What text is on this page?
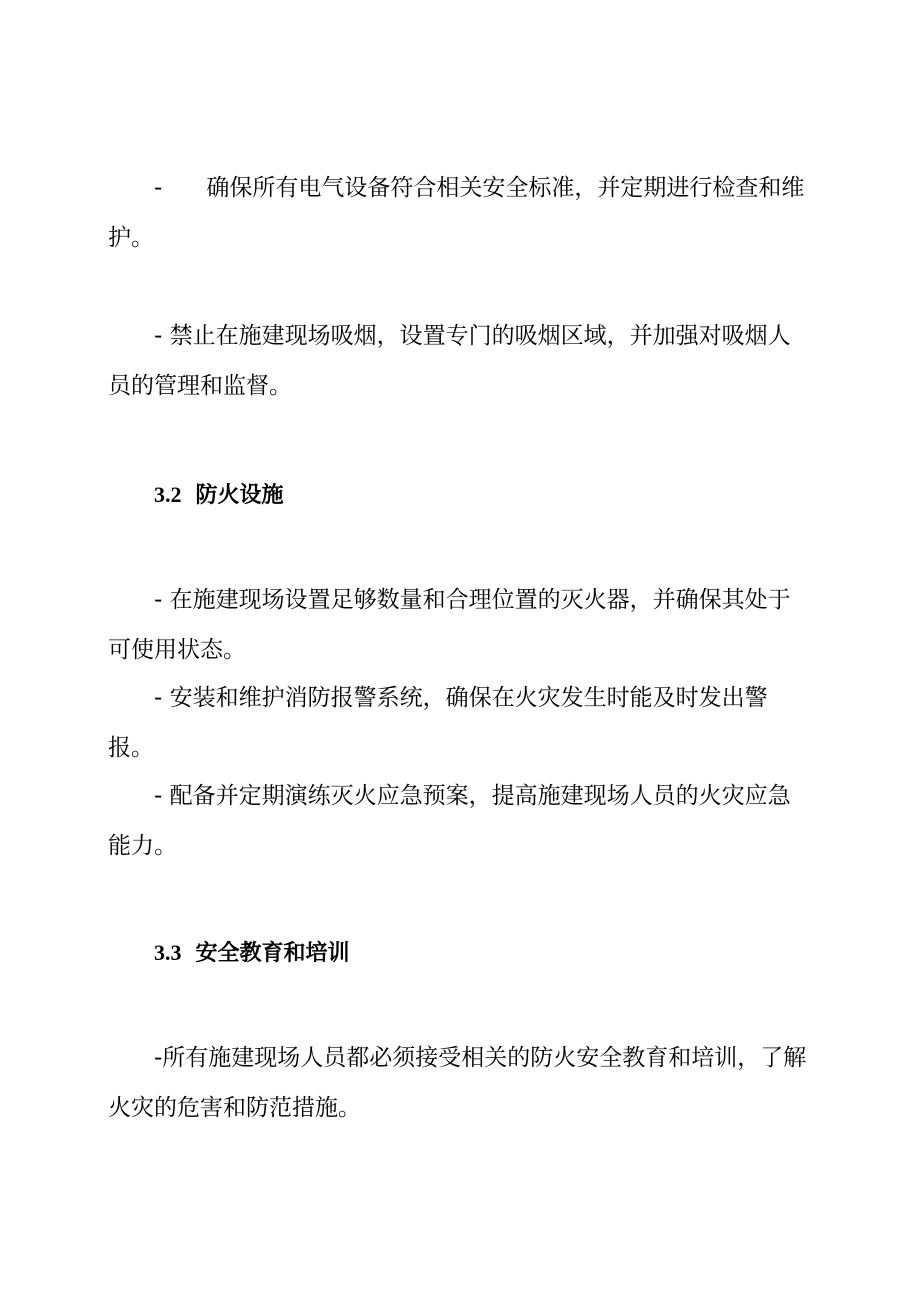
- 确保所有电气设备符合相关安全标准，并定期进行检查和维护。

- 禁止在施建现场吸烟，设置专门的吸烟区域，并加强对吸烟人员的管理和监督。

3.2 防火设施

- 在施建现场设置足够数量和合理位置的灭火器，并确保其处于可使用状态。

- 安装和维护消防报警系统，确保在火灾发生时能及时发出警报。

- 配备并定期演练灭火应急预案，提高施建现场人员的火灾应急能力。

3.3 安全教育和培训

-所有施建现场人员都必须接受相关的防火安全教育和培训，了解火灾的危害和防范措施。
